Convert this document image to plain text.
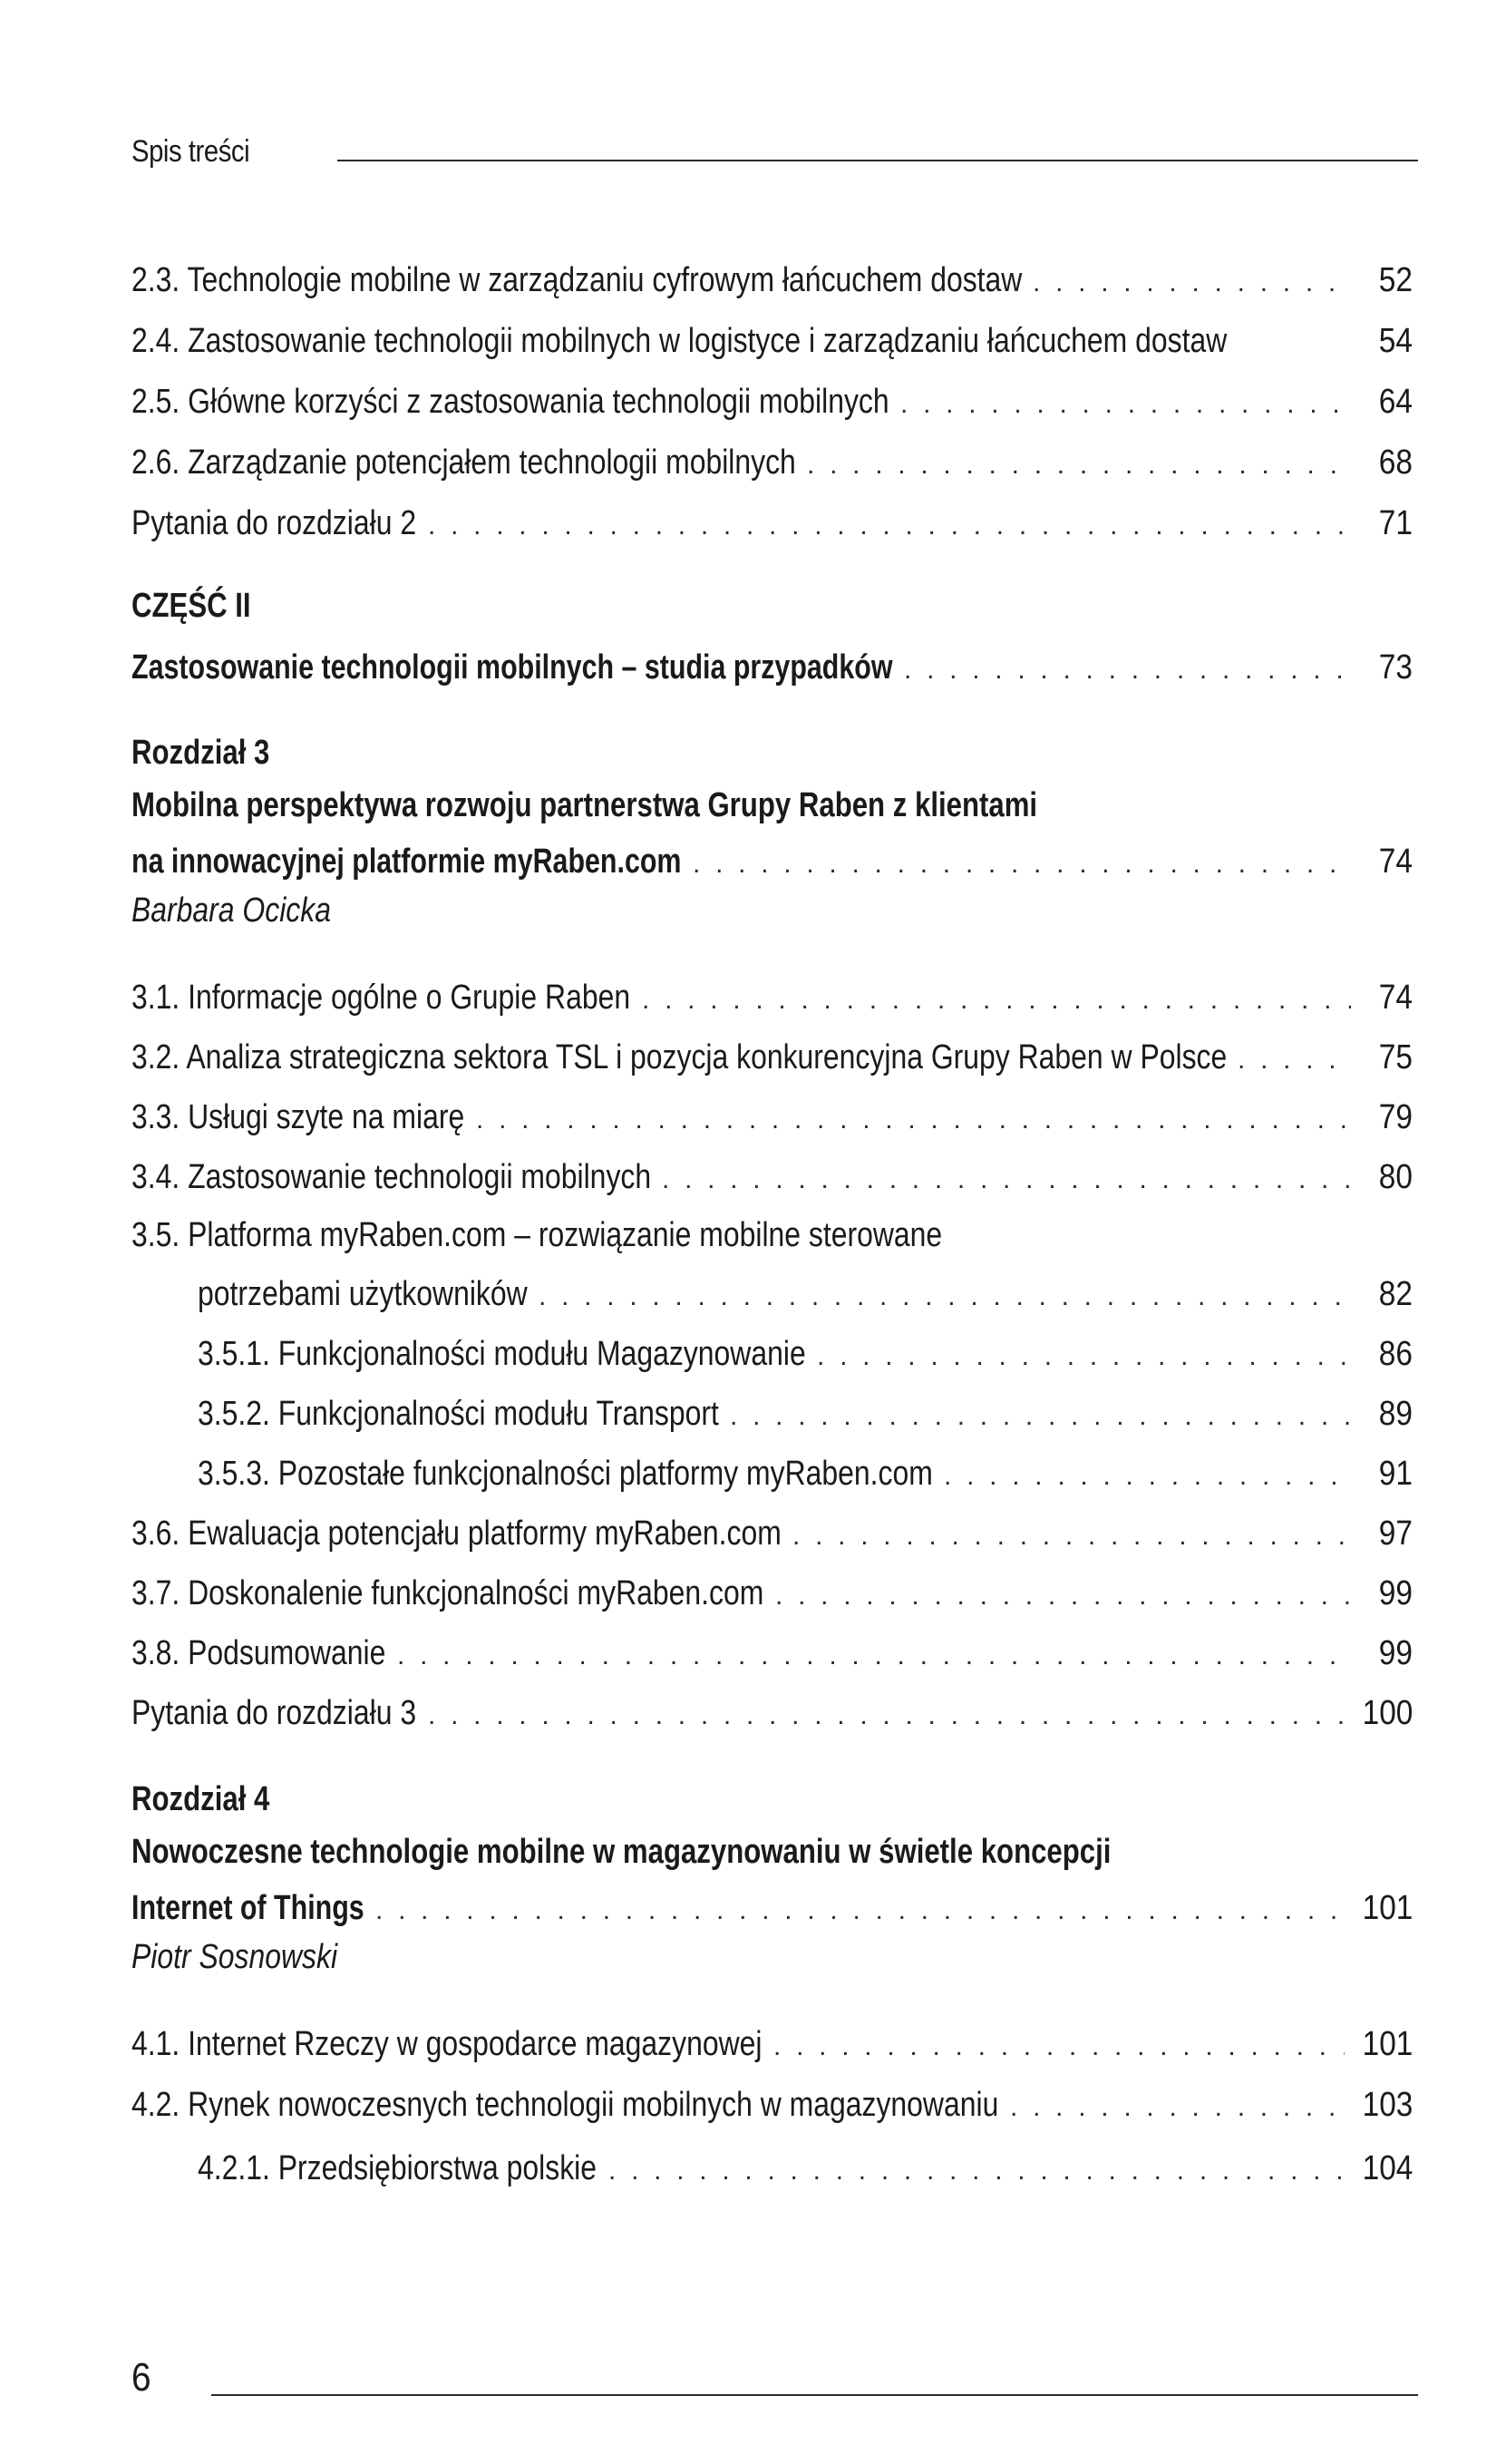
Spis treści
2.3. Technologie mobilne w zarządzaniu cyfrowym łańcuchem dostaw . . .	52
2.4. Zastosowanie technologii mobilnych w logistyce i zarządzaniu łańcuchem dostaw	54
2.5. Główne korzyści z zastosowania technologii mobilnych . . .	64
2.6. Zarządzanie potencjałem technologii mobilnych . . .	68
Pytania do rozdziału 2 . . .	71
CZĘŚĆ II
Zastosowanie technologii mobilnych – studia przypadków . . .	73
Rozdział 3
Mobilna perspektywa rozwoju partnerstwa Grupy Raben z klientami
na innowacyjnej platformie myRaben.com . . .	74
Barbara Ocicka
3.1. Informacje ogólne o Grupie Raben . . .	74
3.2. Analiza strategiczna sektora TSL i pozycja konkurencyjna Grupy Raben w Polsce . . .	75
3.3. Usługi szyte na miarę . . .	79
3.4. Zastosowanie technologii mobilnych . . .	80
3.5. Platforma myRaben.com – rozwiązanie mobilne sterowane
potrzebami użytkowników . . .	82
3.5.1. Funkcjonalności modułu Magazynowanie . . .	86
3.5.2. Funkcjonalności modułu Transport . . .	89
3.5.3. Pozostałe funkcjonalności platformy myRaben.com . . .	91
3.6. Ewaluacja potencjału platformy myRaben.com . . .	97
3.7. Doskonalenie funkcjonalności myRaben.com . . .	99
3.8. Podsumowanie . . .	99
Pytania do rozdziału 3 . . .	100
Rozdział 4
Nowoczesne technologie mobilne w magazynowaniu w świetle koncepcji
Internet of Things . . .	101
Piotr Sosnowski
4.1. Internet Rzeczy w gospodarce magazynowej . . .	101
4.2. Rynek nowoczesnych technologii mobilnych w magazynowaniu . . .	103
4.2.1. Przedsiębiorstwa polskie . . .	104
6
